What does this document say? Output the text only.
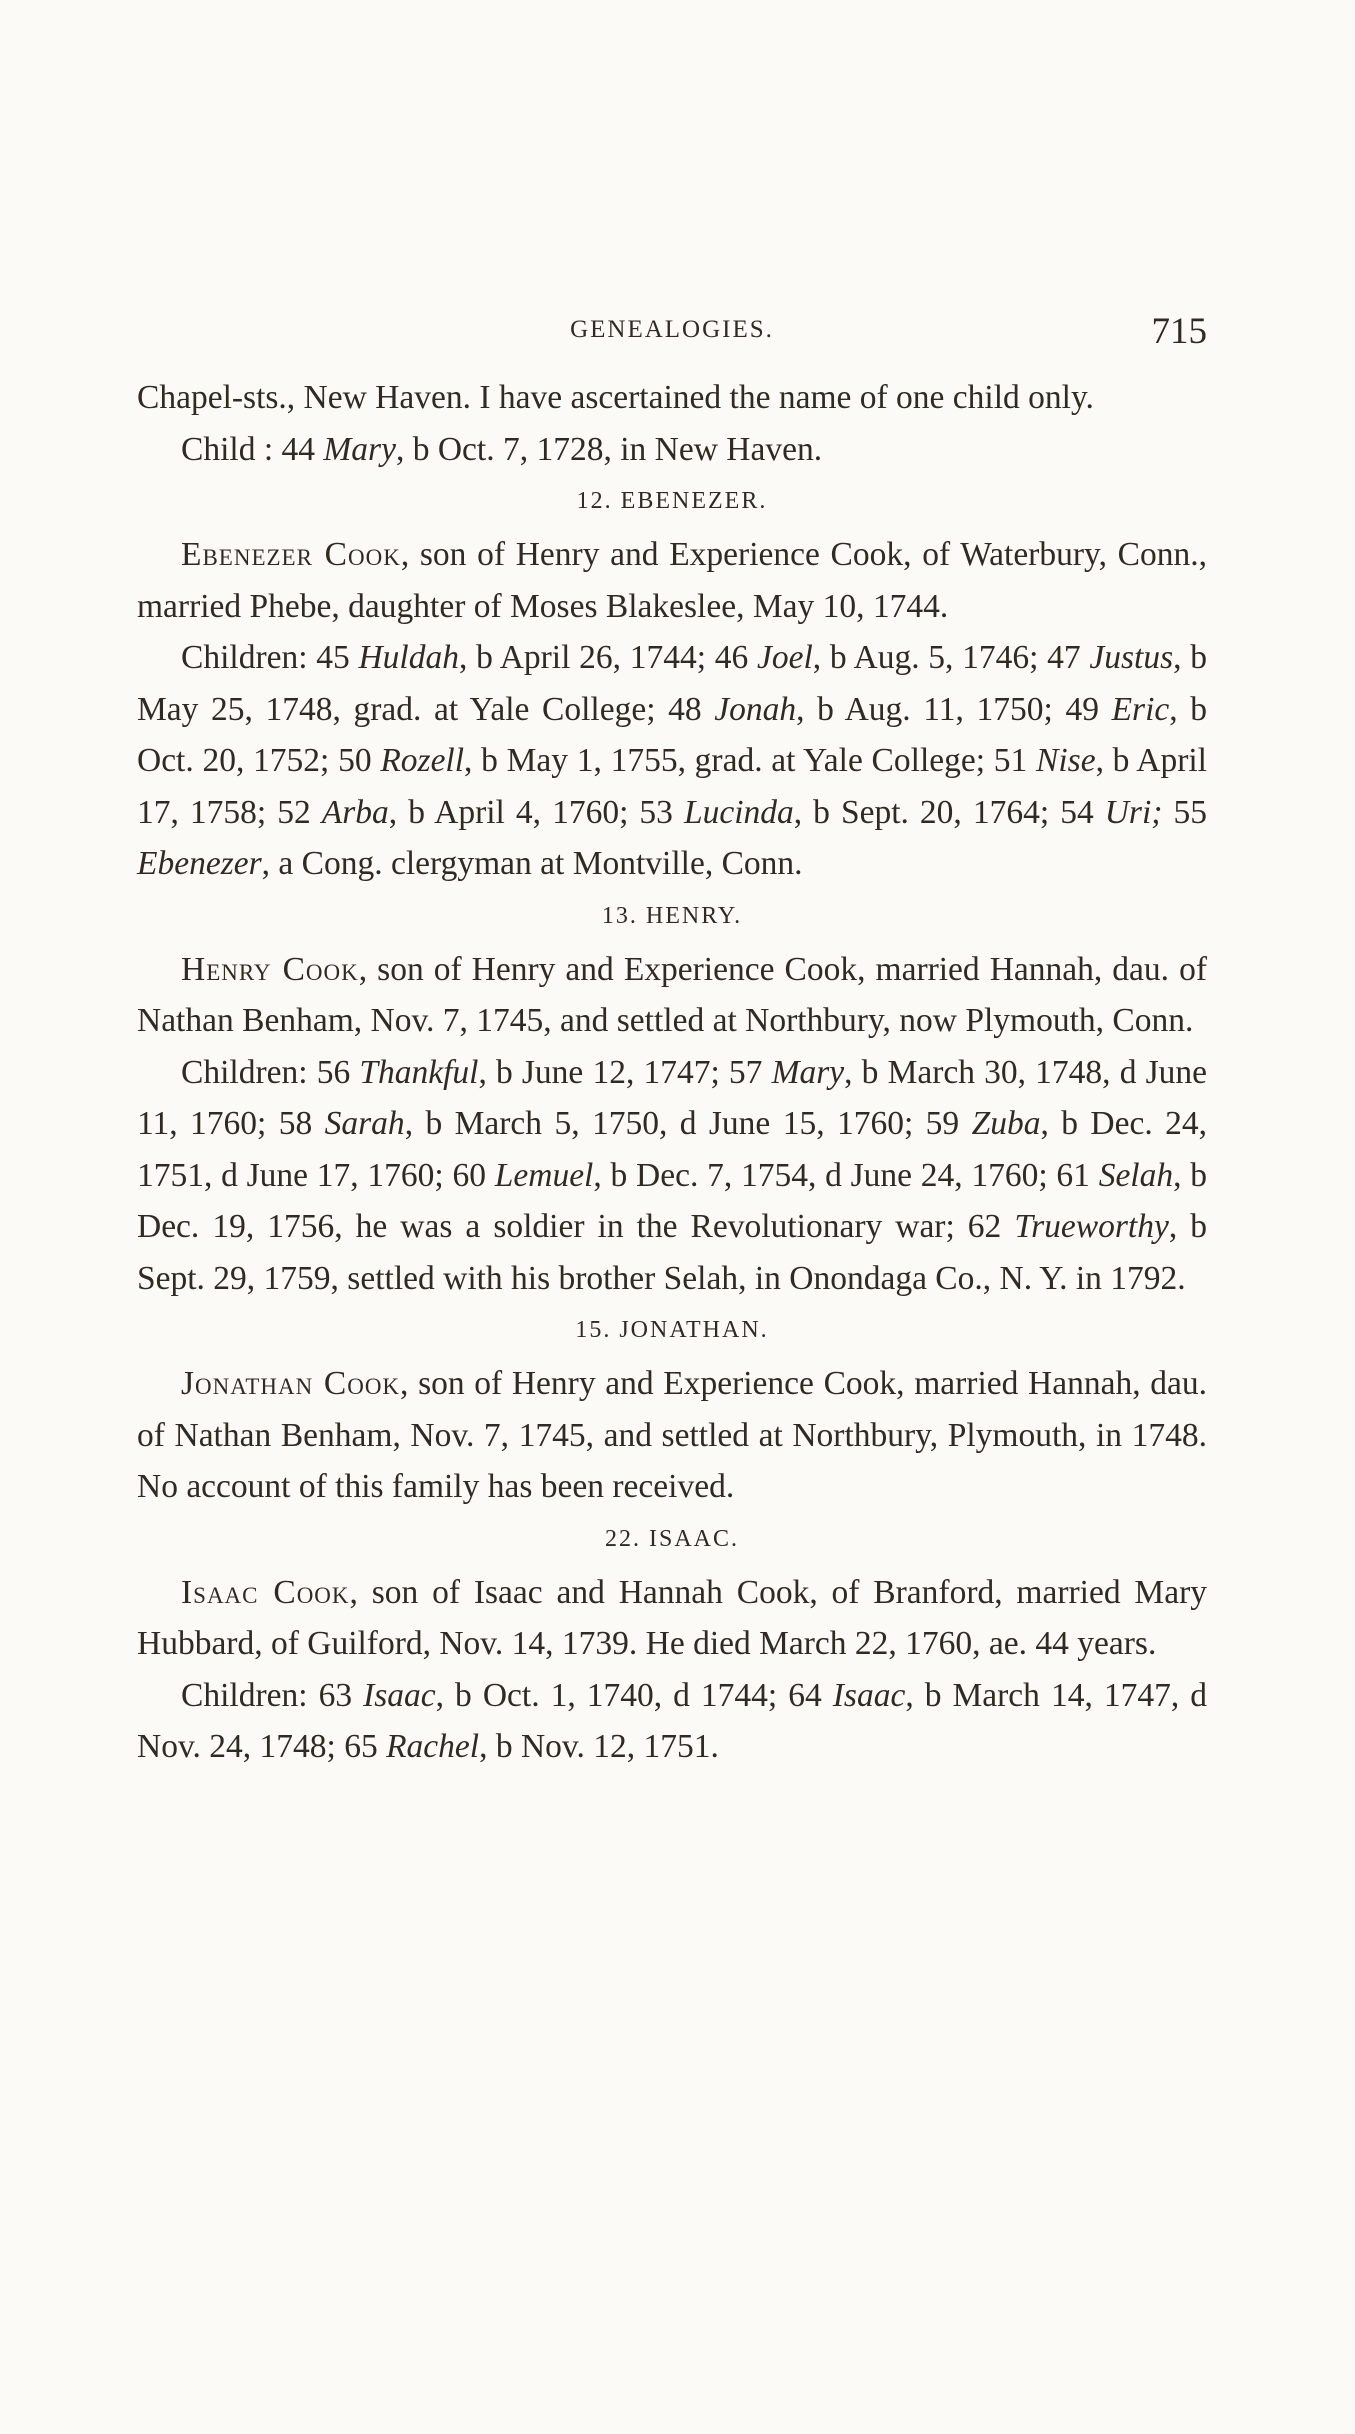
GENEALOGIES.	715

Chapel-sts., New Haven. I have ascertained the name of one child only.

Child : 44 Mary, b Oct. 7, 1728, in New Haven.

12. EBENEZER.

Ebenezer Cook, son of Henry and Experience Cook, of Waterbury, Conn., married Phebe, daughter of Moses Blakeslee, May 10, 1744.

Children: 45 Huldah, b April 26, 1744; 46 Joel, b Aug. 5, 1746; 47 Justus, b May 25, 1748, grad. at Yale College; 48 Jonah, b Aug. 11, 1750; 49 Eric, b Oct. 20, 1752; 50 Rozell, b May 1, 1755, grad. at Yale College; 51 Nise, b April 17, 1758; 52 Arba, b April 4, 1760; 53 Lucinda, b Sept. 20, 1764; 54 Uri; 55 Ebenezer, a Cong. clergyman at Montville, Conn.

13. HENRY.

Henry Cook, son of Henry and Experience Cook, married Hannah, dau. of Nathan Benham, Nov. 7, 1745, and settled at Northbury, now Plymouth, Conn.

Children: 56 Thankful, b June 12, 1747; 57 Mary, b March 30, 1748, d June 11, 1760; 58 Sarah, b March 5, 1750, d June 15, 1760; 59 Zuba, b Dec. 24, 1751, d June 17, 1760; 60 Lemuel, b Dec. 7, 1754, d June 24, 1760; 61 Selah, b Dec. 19, 1756, he was a soldier in the Revolutionary war; 62 Trueworthy, b Sept. 29, 1759, settled with his brother Selah, in Onondaga Co., N. Y. in 1792.

15. JONATHAN.

Jonathan Cook, son of Henry and Experience Cook, married Hannah, dau. of Nathan Benham, Nov. 7, 1745, and settled at Northbury, Plymouth, in 1748. No account of this family has been received.

22. ISAAC.

Isaac Cook, son of Isaac and Hannah Cook, of Branford, married Mary Hubbard, of Guilford, Nov. 14, 1739. He died March 22, 1760, ae. 44 years.

Children: 63 Isaac, b Oct. 1, 1740, d 1744; 64 Isaac, b March 14, 1747, d Nov. 24, 1748; 65 Rachel, b Nov. 12, 1751.
